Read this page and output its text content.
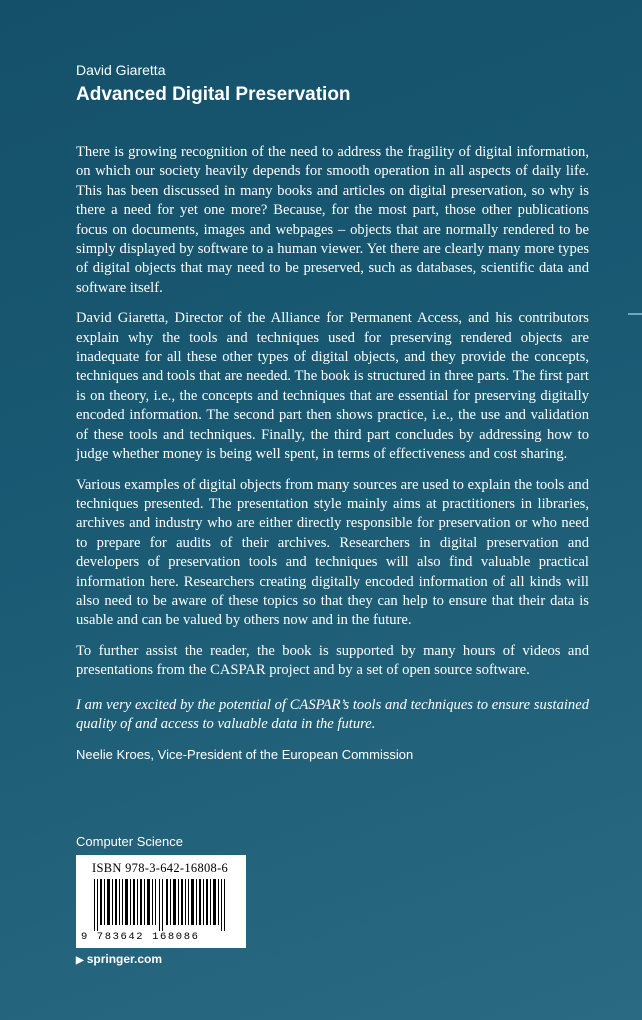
David Giaretta
Advanced Digital Preservation

There is growing recognition of the need to address the fragility of digital information, on which our society heavily depends for smooth operation in all aspects of daily life. This has been discussed in many books and articles on digital preservation, so why is there a need for yet one more? Because, for the most part, those other publications focus on documents, images and webpages – objects that are normally rendered to be simply displayed by software to a human viewer. Yet there are clearly many more types of digital objects that may need to be preserved, such as databases, scientific data and software itself.

David Giaretta, Director of the Alliance for Permanent Access, and his contributors explain why the tools and techniques used for preserving rendered objects are inadequate for all these other types of digital objects, and they provide the concepts, techniques and tools that are needed. The book is structured in three parts. The first part is on theory, i.e., the concepts and techniques that are essential for preserving digitally encoded information. The second part then shows practice, i.e., the use and validation of these tools and techniques. Finally, the third part concludes by addressing how to judge whether money is being well spent, in terms of effectiveness and cost sharing.

Various examples of digital objects from many sources are used to explain the tools and techniques presented. The presentation style mainly aims at practitioners in libraries, archives and industry who are either directly responsible for preservation or who need to prepare for audits of their archives. Researchers in digital preservation and developers of preservation tools and techniques will also find valuable practical information here. Researchers creating digitally encoded information of all kinds will also need to be aware of these topics so that they can help to ensure that their data is usable and can be valued by others now and in the future.

To further assist the reader, the book is supported by many hours of videos and presentations from the CASPAR project and by a set of open source software.

I am very excited by the potential of CASPAR’s tools and techniques to ensure sustained quality of and access to valuable data in the future.

Neelie Kroes, Vice-President of the European Commission

Computer Science
ISBN 978-3-642-16808-6
9 783642 168086
▶ springer.com
